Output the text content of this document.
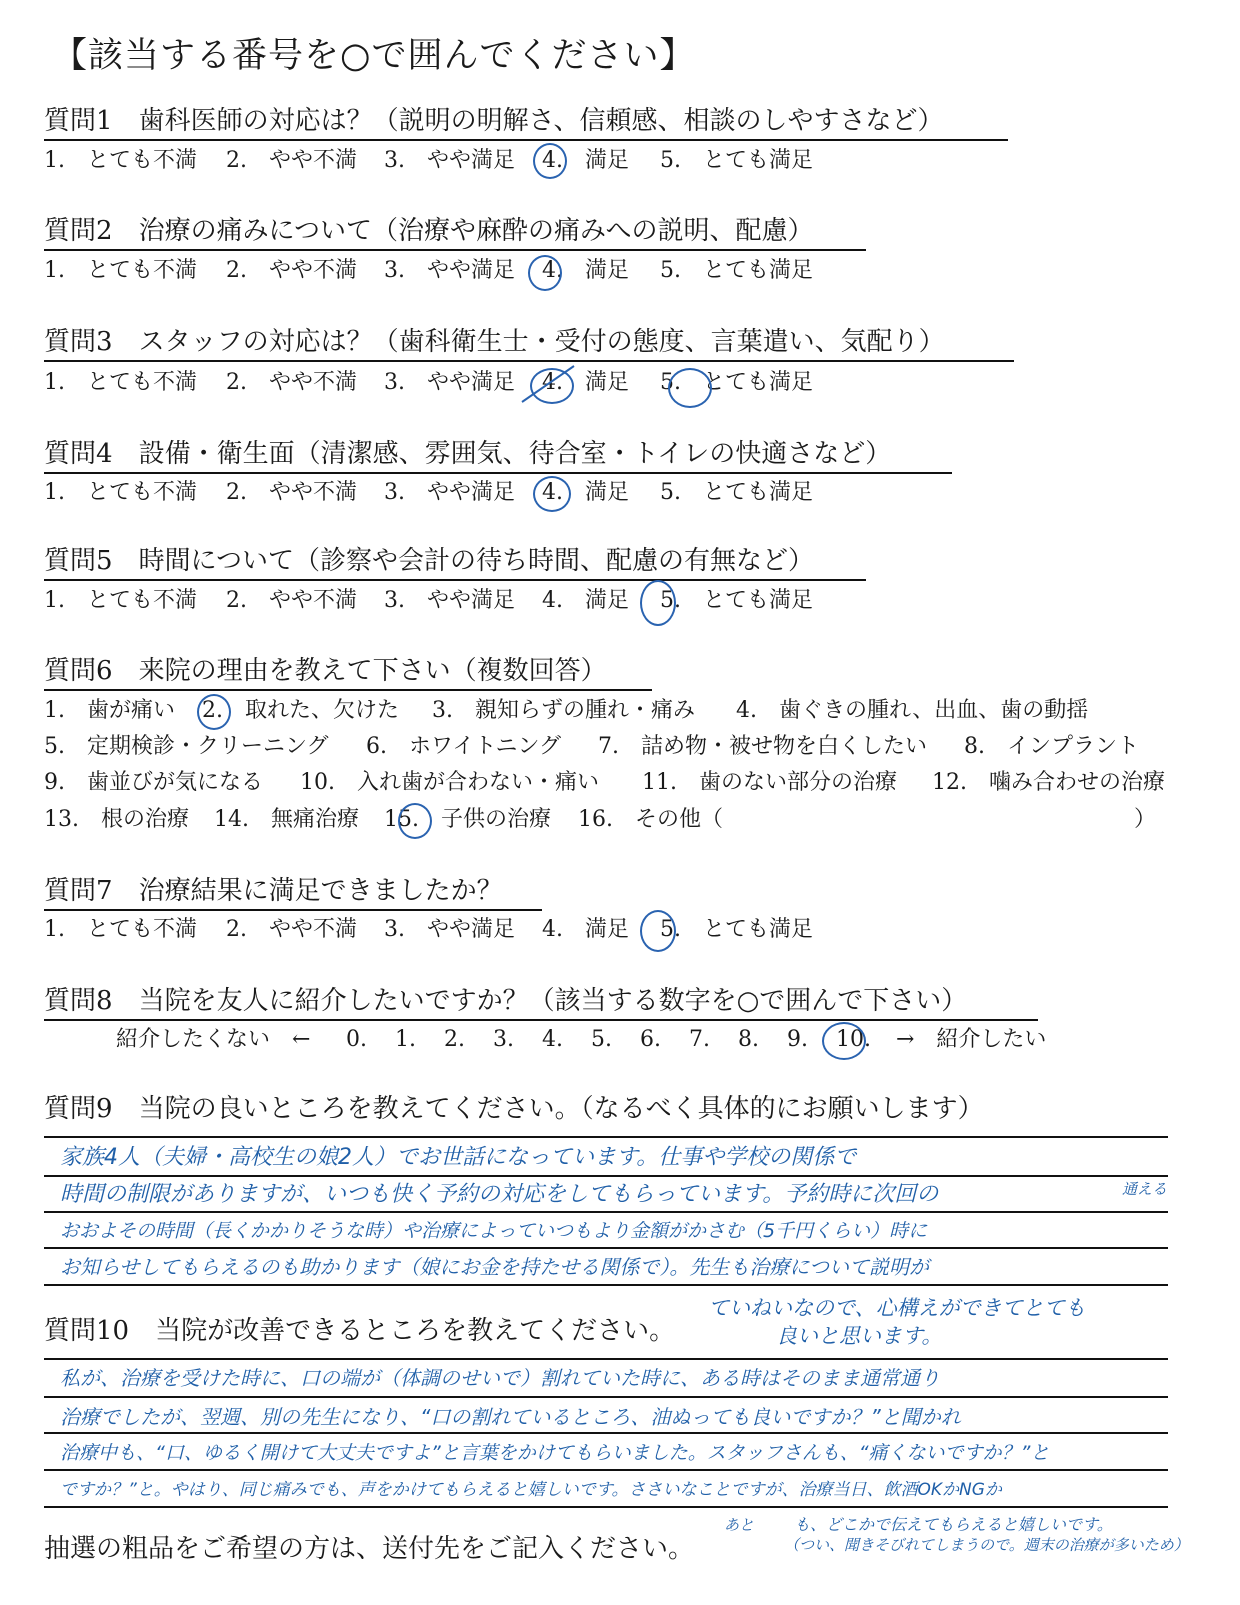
【該当する番号を○で囲んでください】
質問1　 歯科医師の対応は？（説明の明解さ、信頼感、相談のしやすさなど）
1.　とても不満 2.　やや不満 3.　やや満足 4.　満足 5.　とても満足
質問2　 治療の痛みについて（治療や麻酔の痛みへの説明、配慮）
1.　とても不満 2.　やや不満 3.　やや満足 4.　満足 5.　とても満足
質問3　 スタッフの対応は？（歯科衛生士・受付の態度、言葉遣い、気配り）
1.　とても不満 2.　やや不満 3.　やや満足 4.　満足 5.　とても満足
質問4　 設備・衛生面（清潔感、雰囲気、待合室・トイレの快適さなど）
1.　とても不満 2.　やや不満 3.　やや満足 4.　満足 5.　とても満足
質問5　 時間について（診察や会計の待ち時間、配慮の有無など）
1.　とても不満 2.　やや不満 3.　やや満足 4.　満足 5.　とても満足
質問6　 来院の理由を教えて下さい（複数回答）
1.　歯が痛い 2.　取れた、欠けた 3.　親知らずの腫れ・痛み 4.　歯ぐきの腫れ、出血、歯の動揺
5.　定期検診・クリーニング 6.　ホワイトニング 7.　詰め物・被せ物を白くしたい 8.　インプラント
9.　歯並びが気になる 10.　入れ歯が合わない・痛い 11.　歯のない部分の治療 12.　噛み合わせの治療
13.　根の治療 14.　無痛治療 15.　子供の治療 16.　その他（	）
質問7　 治療結果に満足できましたか？
1.　とても不満 2.　やや不満 3.　やや満足 4.　満足 5.　とても満足
質問8　 当院を友人に紹介したいですか？（該当する数字を○で囲んで下さい）
紹介したくない　← 0. 1. 2. 3. 4. 5. 6. 7. 8. 9. 10. →　紹介したい
質問9　 当院の良いところを教えてください。（なるべく具体的にお願いします）
家族4人（夫婦・高校生の娘2人）でお世話になっています。仕事や学校の関係で
通える
時間の制限がありますが、いつも快く予約の対応をしてもらっています。予約時に次回の
おおよその時間（長くかかりそうな時）や治療によっていつもより金額がかさむ（5千円くらい）時に
お知らせしてもらえるのも助かります（娘にお金を持たせる関係で）。先生も治療について説明が
ていねいなので、心構えができてとても
良いと思います。
質問10　 当院が改善できるところを教えてください。
私が、治療を受けた時に、口の端が（体調のせいで）割れていた時に、ある時はそのまま通常通り
治療でしたが、翌週、別の先生になり、“口の割れているところ、油ぬっても良いですか？”と聞かれ
治療中も、“口、ゆるく開けて大丈夫ですよ”と言葉をかけてもらいました。スタッフさんも、“痛くないですか？”と
ですか？”と。やはり、同じ痛みでも、声をかけてもらえると嬉しいです。ささいなことですが、治療当日、飲酒OKかNGか
あと も、どこかで伝えてもらえると嬉しいです。
（つい、聞きそびれてしまうので。週末の治療が多いため）
抽選の粗品をご希望の方は、送付先をご記入ください。
